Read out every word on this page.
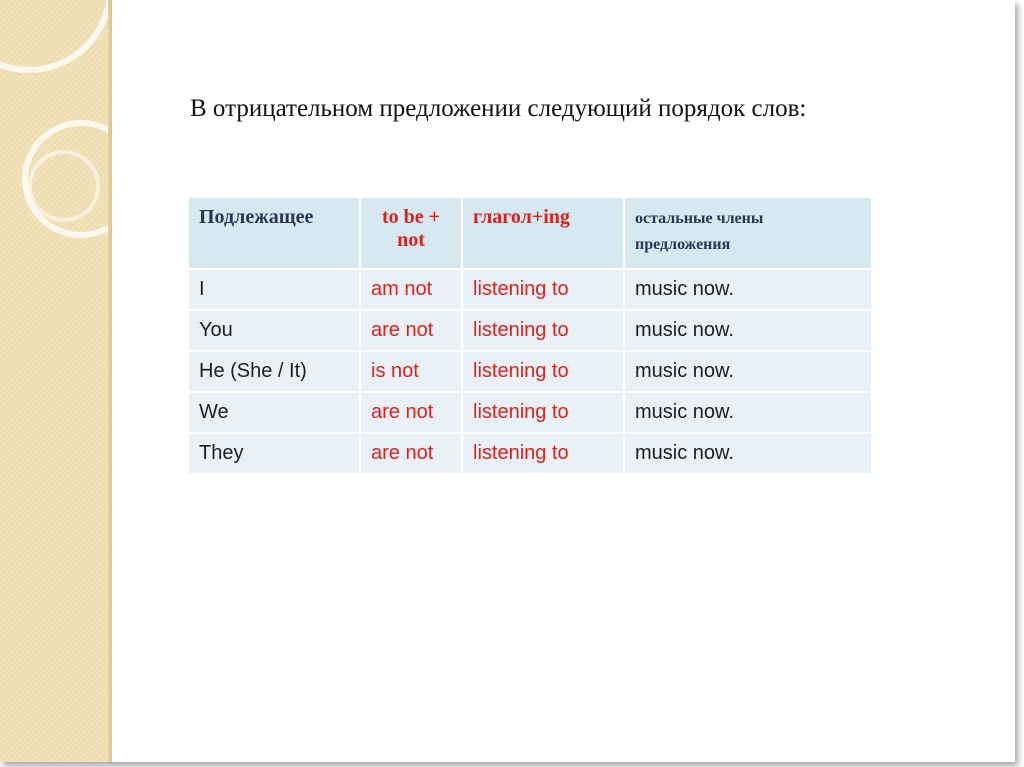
В отрицательном предложении следующий порядок слов:
Подлежащее	to be + not	глагол+ing	остальные члены предложения
I	am not	listening to	music now.
You	are not	listening to	music now.
He (She / It)	is not	listening to	music now.
We	are not	listening to	music now.
They	are not	listening to	music now.
